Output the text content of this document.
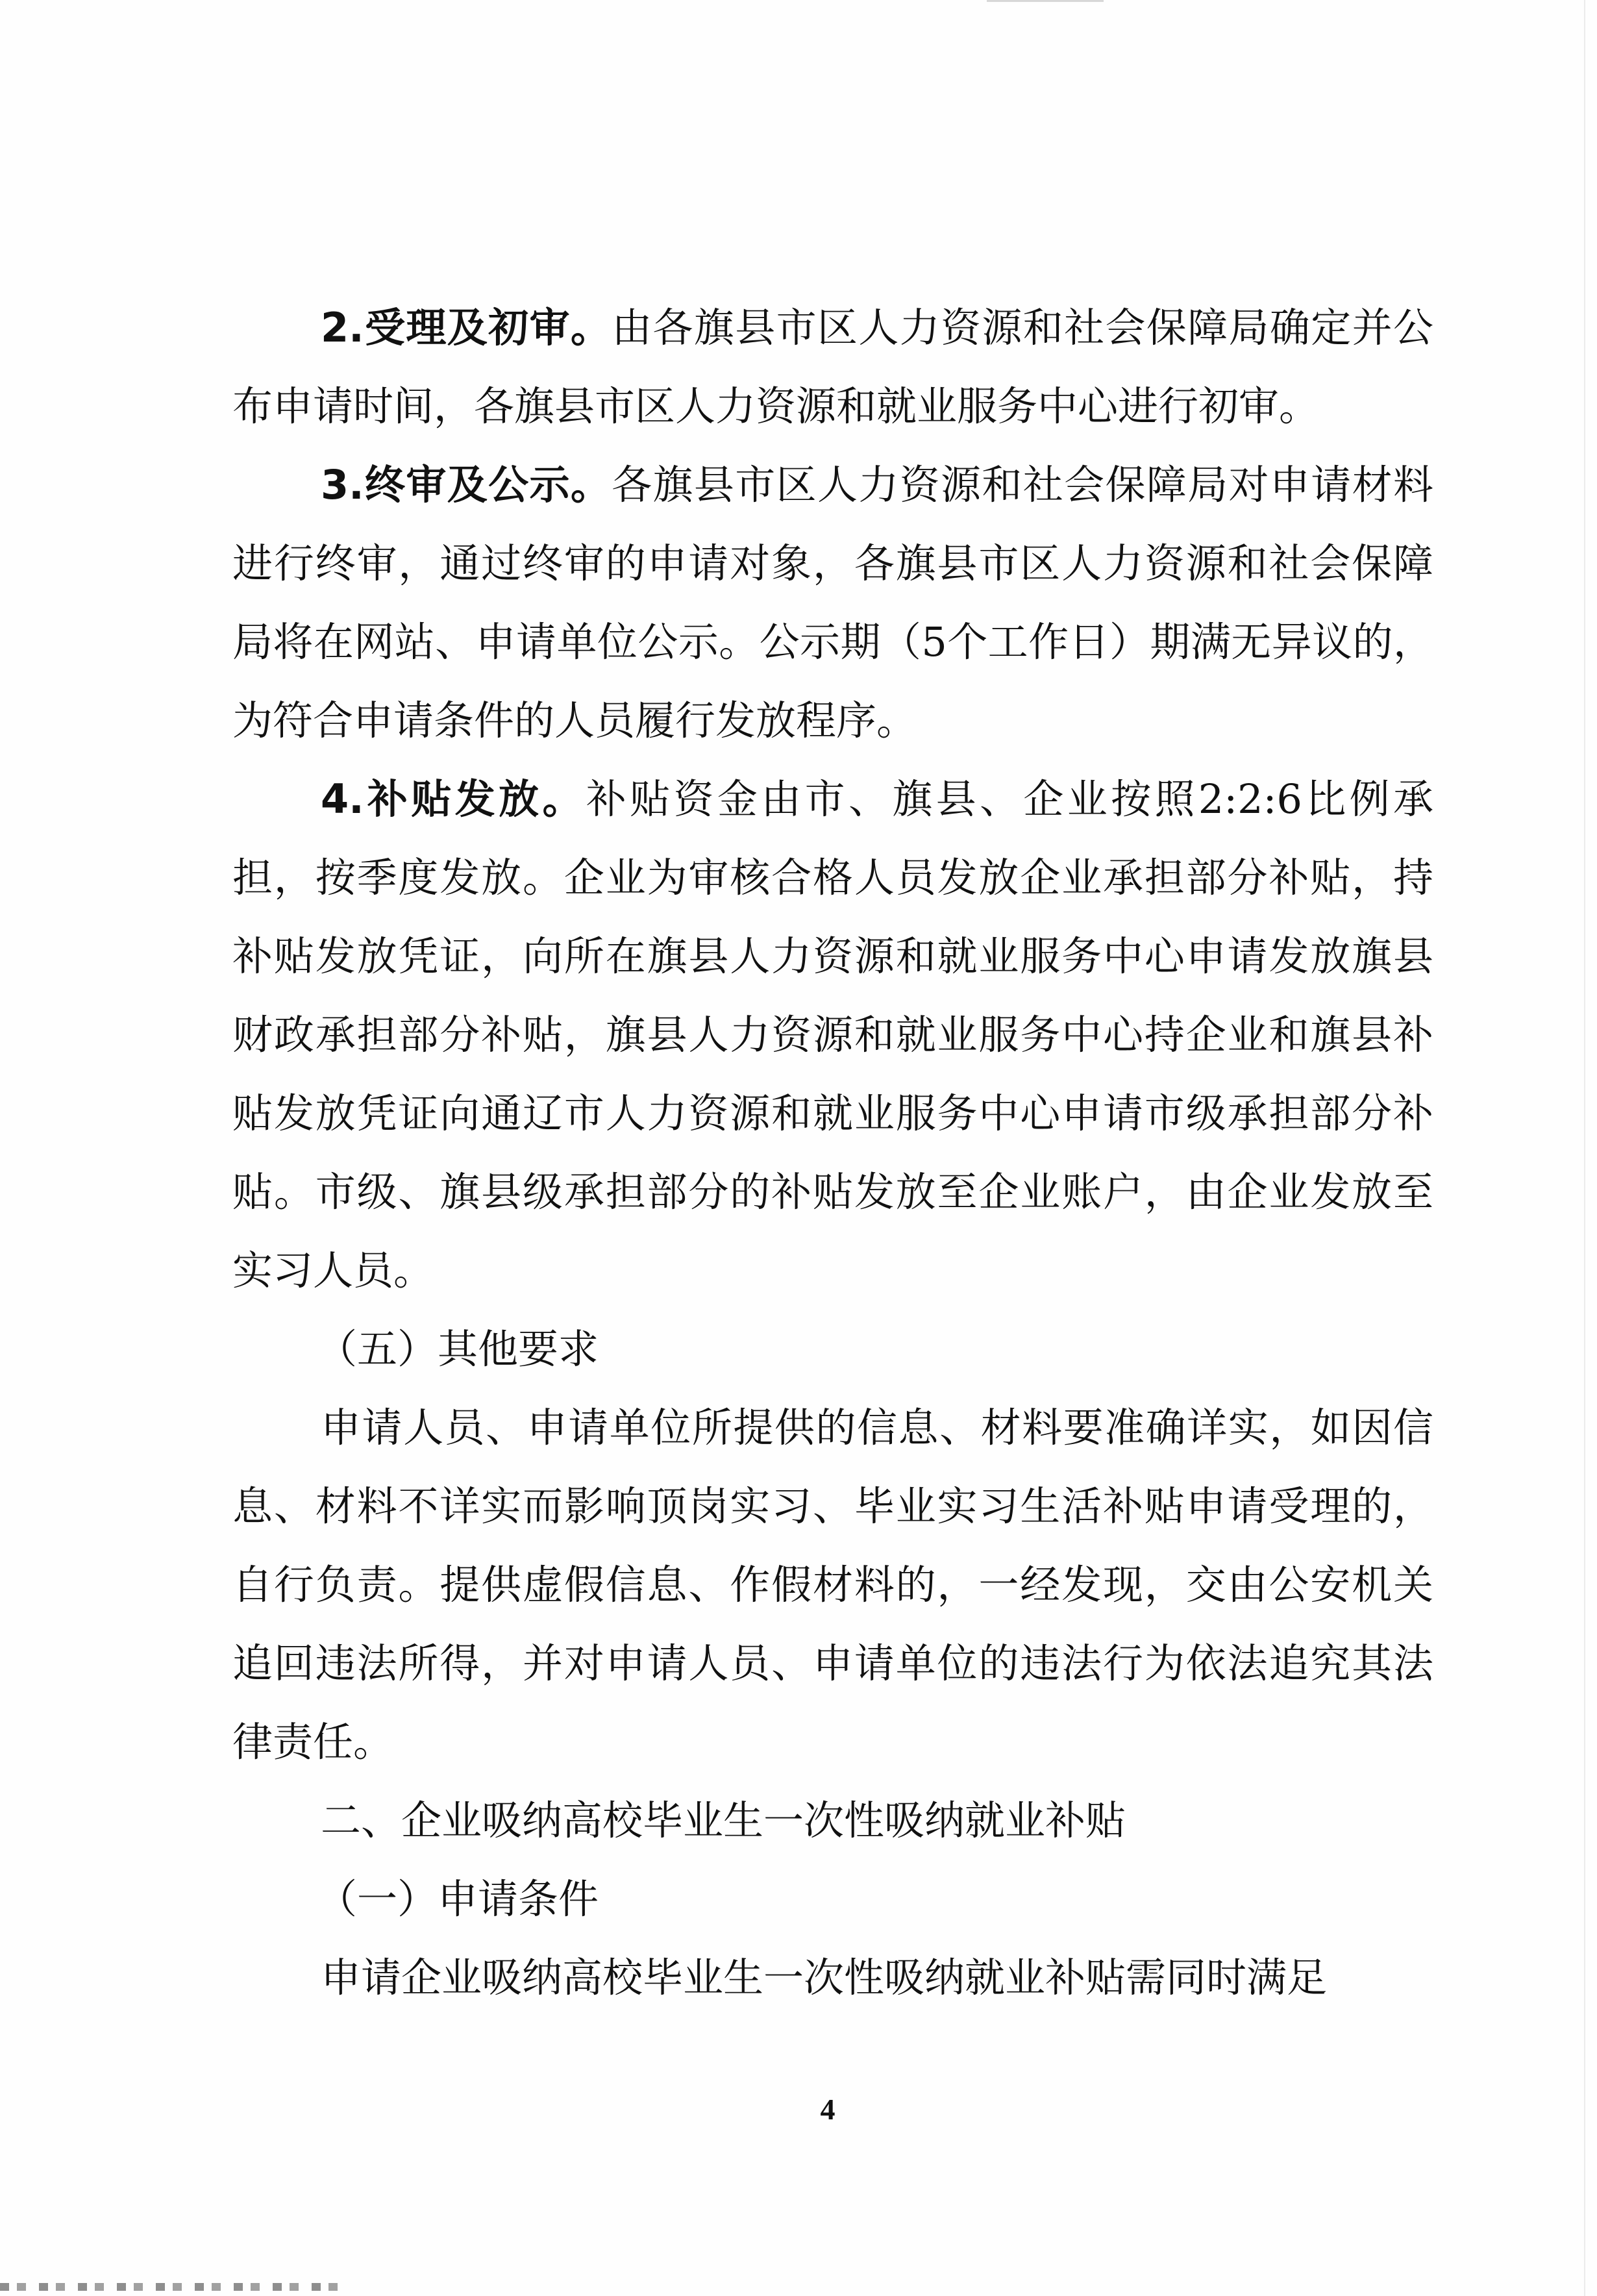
2.受理及初审。由各旗县市区人力资源和社会保障局确定并公布申请时间，各旗县市区人力资源和就业服务中心进行初审。

3.终审及公示。各旗县市区人力资源和社会保障局对申请材料进行终审，通过终审的申请对象，各旗县市区人力资源和社会保障局将在网站、申请单位公示。公示期（5个工作日）期满无异议的，为符合申请条件的人员履行发放程序。

4.补贴发放。补贴资金由市、旗县、企业按照2:2:6比例承担，按季度发放。企业为审核合格人员发放企业承担部分补贴，持补贴发放凭证，向所在旗县人力资源和就业服务中心申请发放旗县财政承担部分补贴，旗县人力资源和就业服务中心持企业和旗县补贴发放凭证向通辽市人力资源和就业服务中心申请市级承担部分补贴。市级、旗县级承担部分的补贴发放至企业账户，由企业发放至实习人员。

（五）其他要求

申请人员、申请单位所提供的信息、材料要准确详实，如因信息、材料不详实而影响顶岗实习、毕业实习生活补贴申请受理的，自行负责。提供虚假信息、作假材料的，一经发现，交由公安机关追回违法所得，并对申请人员、申请单位的违法行为依法追究其法律责任。

二、企业吸纳高校毕业生一次性吸纳就业补贴

（一）申请条件

申请企业吸纳高校毕业生一次性吸纳就业补贴需同时满足

4
